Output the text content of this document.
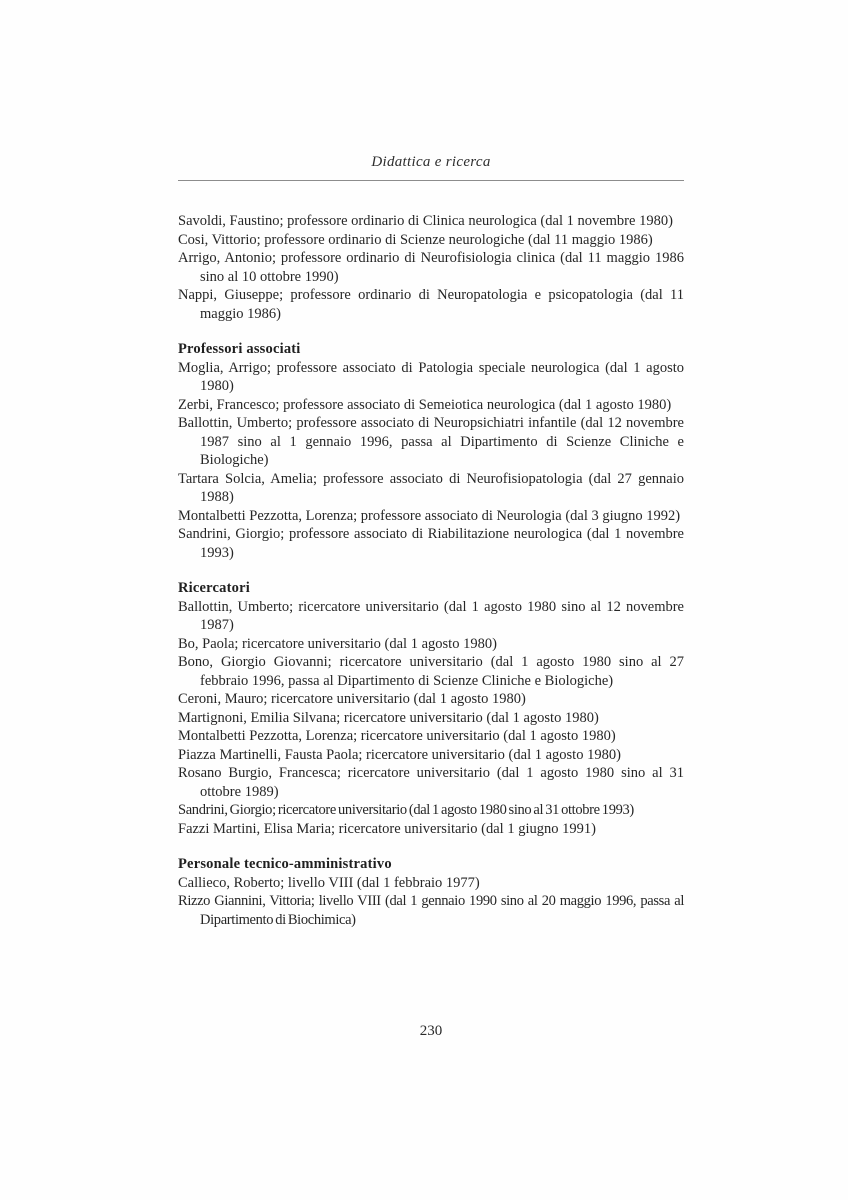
Didattica e ricerca

Savoldi, Faustino; professore ordinario di Clinica neurologica (dal 1 novembre 1980)

Cosi, Vittorio; professore ordinario di Scienze neurologiche (dal 11 maggio 1986)

Arrigo, Antonio; professore ordinario di Neurofisiologia clinica (dal 11 maggio 1986 sino al 10 ottobre 1990)

Nappi, Giuseppe; professore ordinario di Neuropatologia e psicopatologia (dal 11 maggio 1986)

Professori associati

Moglia, Arrigo; professore associato di Patologia speciale neurologica (dal 1 agosto 1980)

Zerbi, Francesco; professore associato di Semeiotica neurologica (dal 1 agosto 1980)

Ballottin, Umberto; professore associato di Neuropsichiatri infantile (dal 12 novembre 1987 sino al 1 gennaio 1996, passa al Dipartimento di Scienze Cliniche e Biologiche)

Tartara Solcia, Amelia; professore associato di Neurofisiopatologia (dal 27 gennaio 1988)

Montalbetti Pezzotta, Lorenza; professore associato di Neurologia (dal 3 giugno 1992)

Sandrini, Giorgio; professore associato di Riabilitazione neurologica (dal 1 novembre 1993)

Ricercatori

Ballottin, Umberto; ricercatore universitario (dal 1 agosto 1980 sino al 12 novembre 1987)

Bo, Paola; ricercatore universitario (dal 1 agosto 1980)

Bono, Giorgio Giovanni; ricercatore universitario (dal 1 agosto 1980 sino al 27 febbraio 1996, passa al Dipartimento di Scienze Cliniche e Biologiche)

Ceroni, Mauro; ricercatore universitario (dal 1 agosto 1980)

Martignoni, Emilia Silvana; ricercatore universitario (dal 1 agosto 1980)

Montalbetti Pezzotta, Lorenza; ricercatore universitario (dal 1 agosto 1980)

Piazza Martinelli, Fausta Paola; ricercatore universitario (dal 1 agosto 1980)

Rosano Burgio, Francesca; ricercatore universitario (dal 1 agosto 1980 sino al 31 ottobre 1989)

Sandrini, Giorgio; ricercatore universitario (dal 1 agosto 1980 sino al 31 ottobre 1993)

Fazzi Martini, Elisa Maria; ricercatore universitario (dal 1 giugno 1991)

Personale tecnico-amministrativo

Callieco, Roberto; livello VIII (dal 1 febbraio 1977)

Rizzo Giannini, Vittoria; livello VIII (dal 1 gennaio 1990 sino al 20 maggio 1996, passa al Dipartimento di Biochimica)

230
